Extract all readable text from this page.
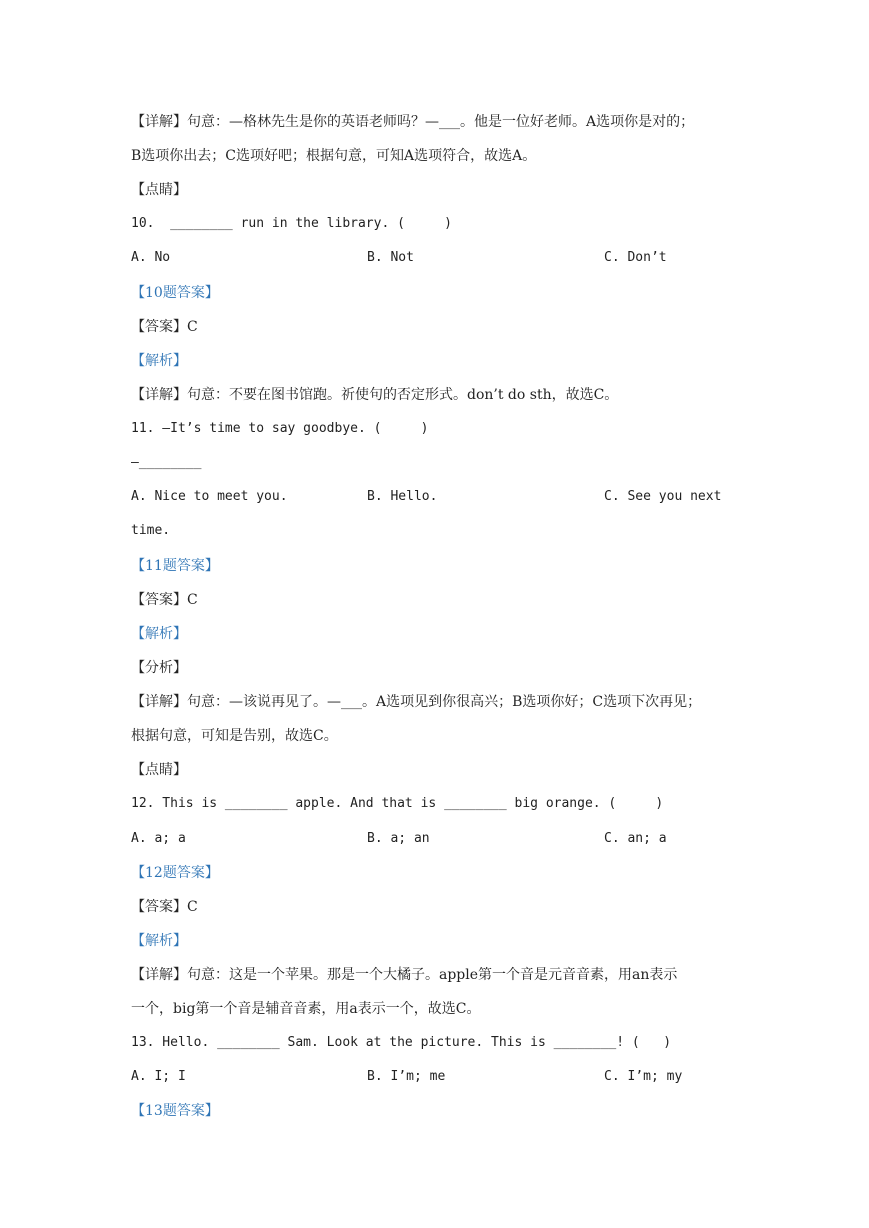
【详解】句意：—格林先生是你的英语老师吗？—___。他是一位好老师。A选项你是对的；
B选项你出去；C选项好吧；根据句意，可知A选项符合，故选A。
【点睛】
10.  ________ run in the library. (     )
A. No	B. Not	C. Don’t
【10题答案】
【答案】C
【解析】
【详解】句意：不要在图书馆跑。祈使句的否定形式。don’t do sth，故选C。
11. —It’s time to say goodbye. (     )
—________
A. Nice to meet you.	B. Hello.	C. See you next
time.
【11题答案】
【答案】C
【解析】
【分析】
【详解】句意：—该说再见了。—___。A选项见到你很高兴；B选项你好；C选项下次再见；
根据句意，可知是告别，故选C。
【点睛】
12. This is ________ apple. And that is ________ big orange. (     )
A. a; a	B. a; an	C. an; a
【12题答案】
【答案】C
【解析】
【详解】句意：这是一个苹果。那是一个大橘子。apple第一个音是元音音素，用an表示
一个，big第一个音是辅音音素，用a表示一个，故选C。
13. Hello. ________ Sam. Look at the picture. This is ________! (   )
A. I; I	B. I’m; me	C. I’m; my
【13题答案】
